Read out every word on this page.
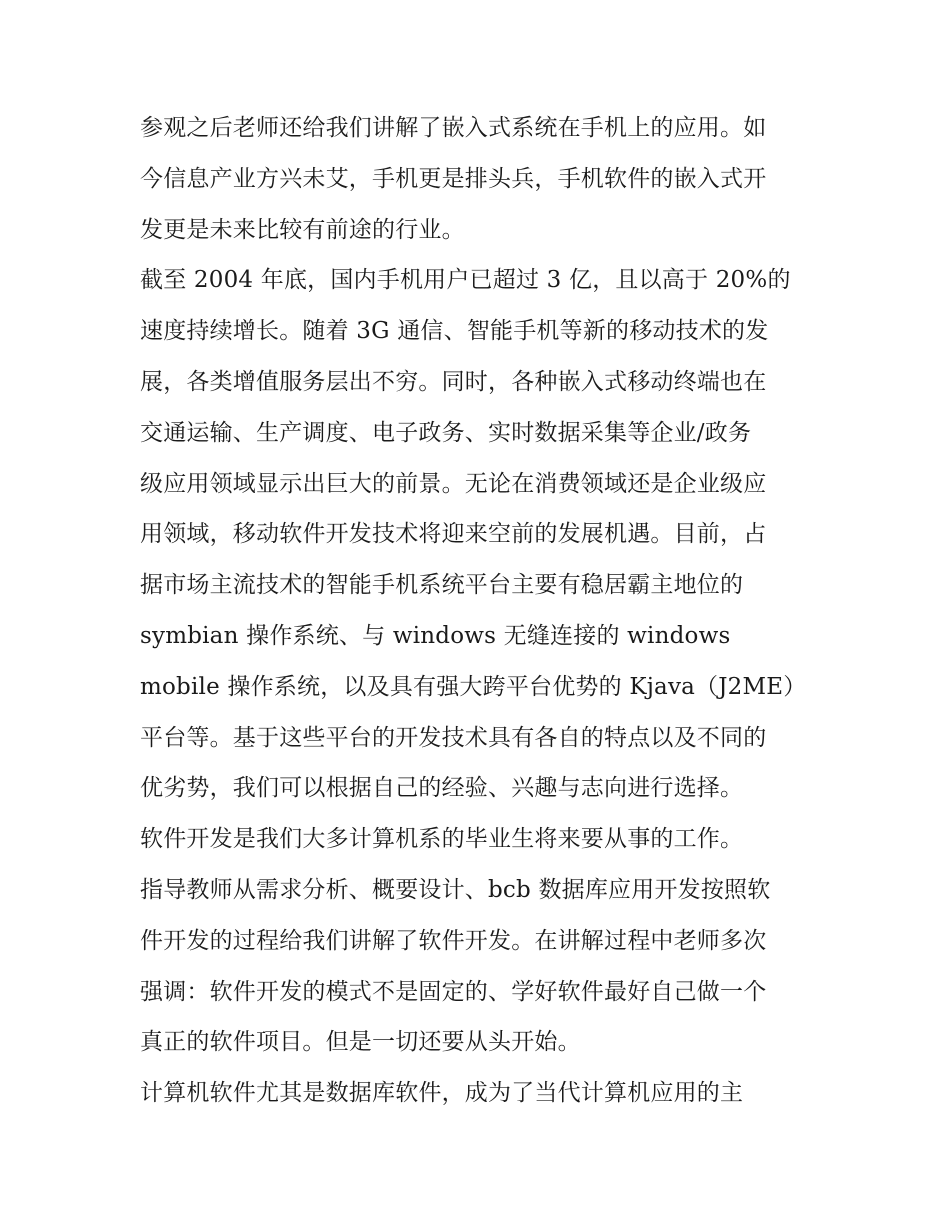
参观之后老师还给我们讲解了嵌入式系统在手机上的应用。如
今信息产业方兴未艾，手机更是排头兵，手机软件的嵌入式开
发更是未来比较有前途的行业。
截至 2004 年底，国内手机用户已超过 3 亿，且以高于 20%的
速度持续增长。随着 3G 通信、智能手机等新的移动技术的发
展，各类增值服务层出不穷。同时，各种嵌入式移动终端也在
交通运输、生产调度、电子政务、实时数据采集等企业/政务
级应用领域显示出巨大的前景。无论在消费领域还是企业级应
用领域，移动软件开发技术将迎来空前的发展机遇。目前，占
据市场主流技术的智能手机系统平台主要有稳居霸主地位的
symbian 操作系统、与 windows 无缝连接的 windows
mobile 操作系统，以及具有强大跨平台优势的 Kjava（J2ME）
平台等。基于这些平台的开发技术具有各自的特点以及不同的
优劣势，我们可以根据自己的经验、兴趣与志向进行选择。
软件开发是我们大多计算机系的毕业生将来要从事的工作。
指导教师从需求分析、概要设计、bcb 数据库应用开发按照软
件开发的过程给我们讲解了软件开发。在讲解过程中老师多次
强调：软件开发的模式不是固定的、学好软件最好自己做一个
真正的软件项目。但是一切还要从头开始。
计算机软件尤其是数据库软件，成为了当代计算机应用的主
